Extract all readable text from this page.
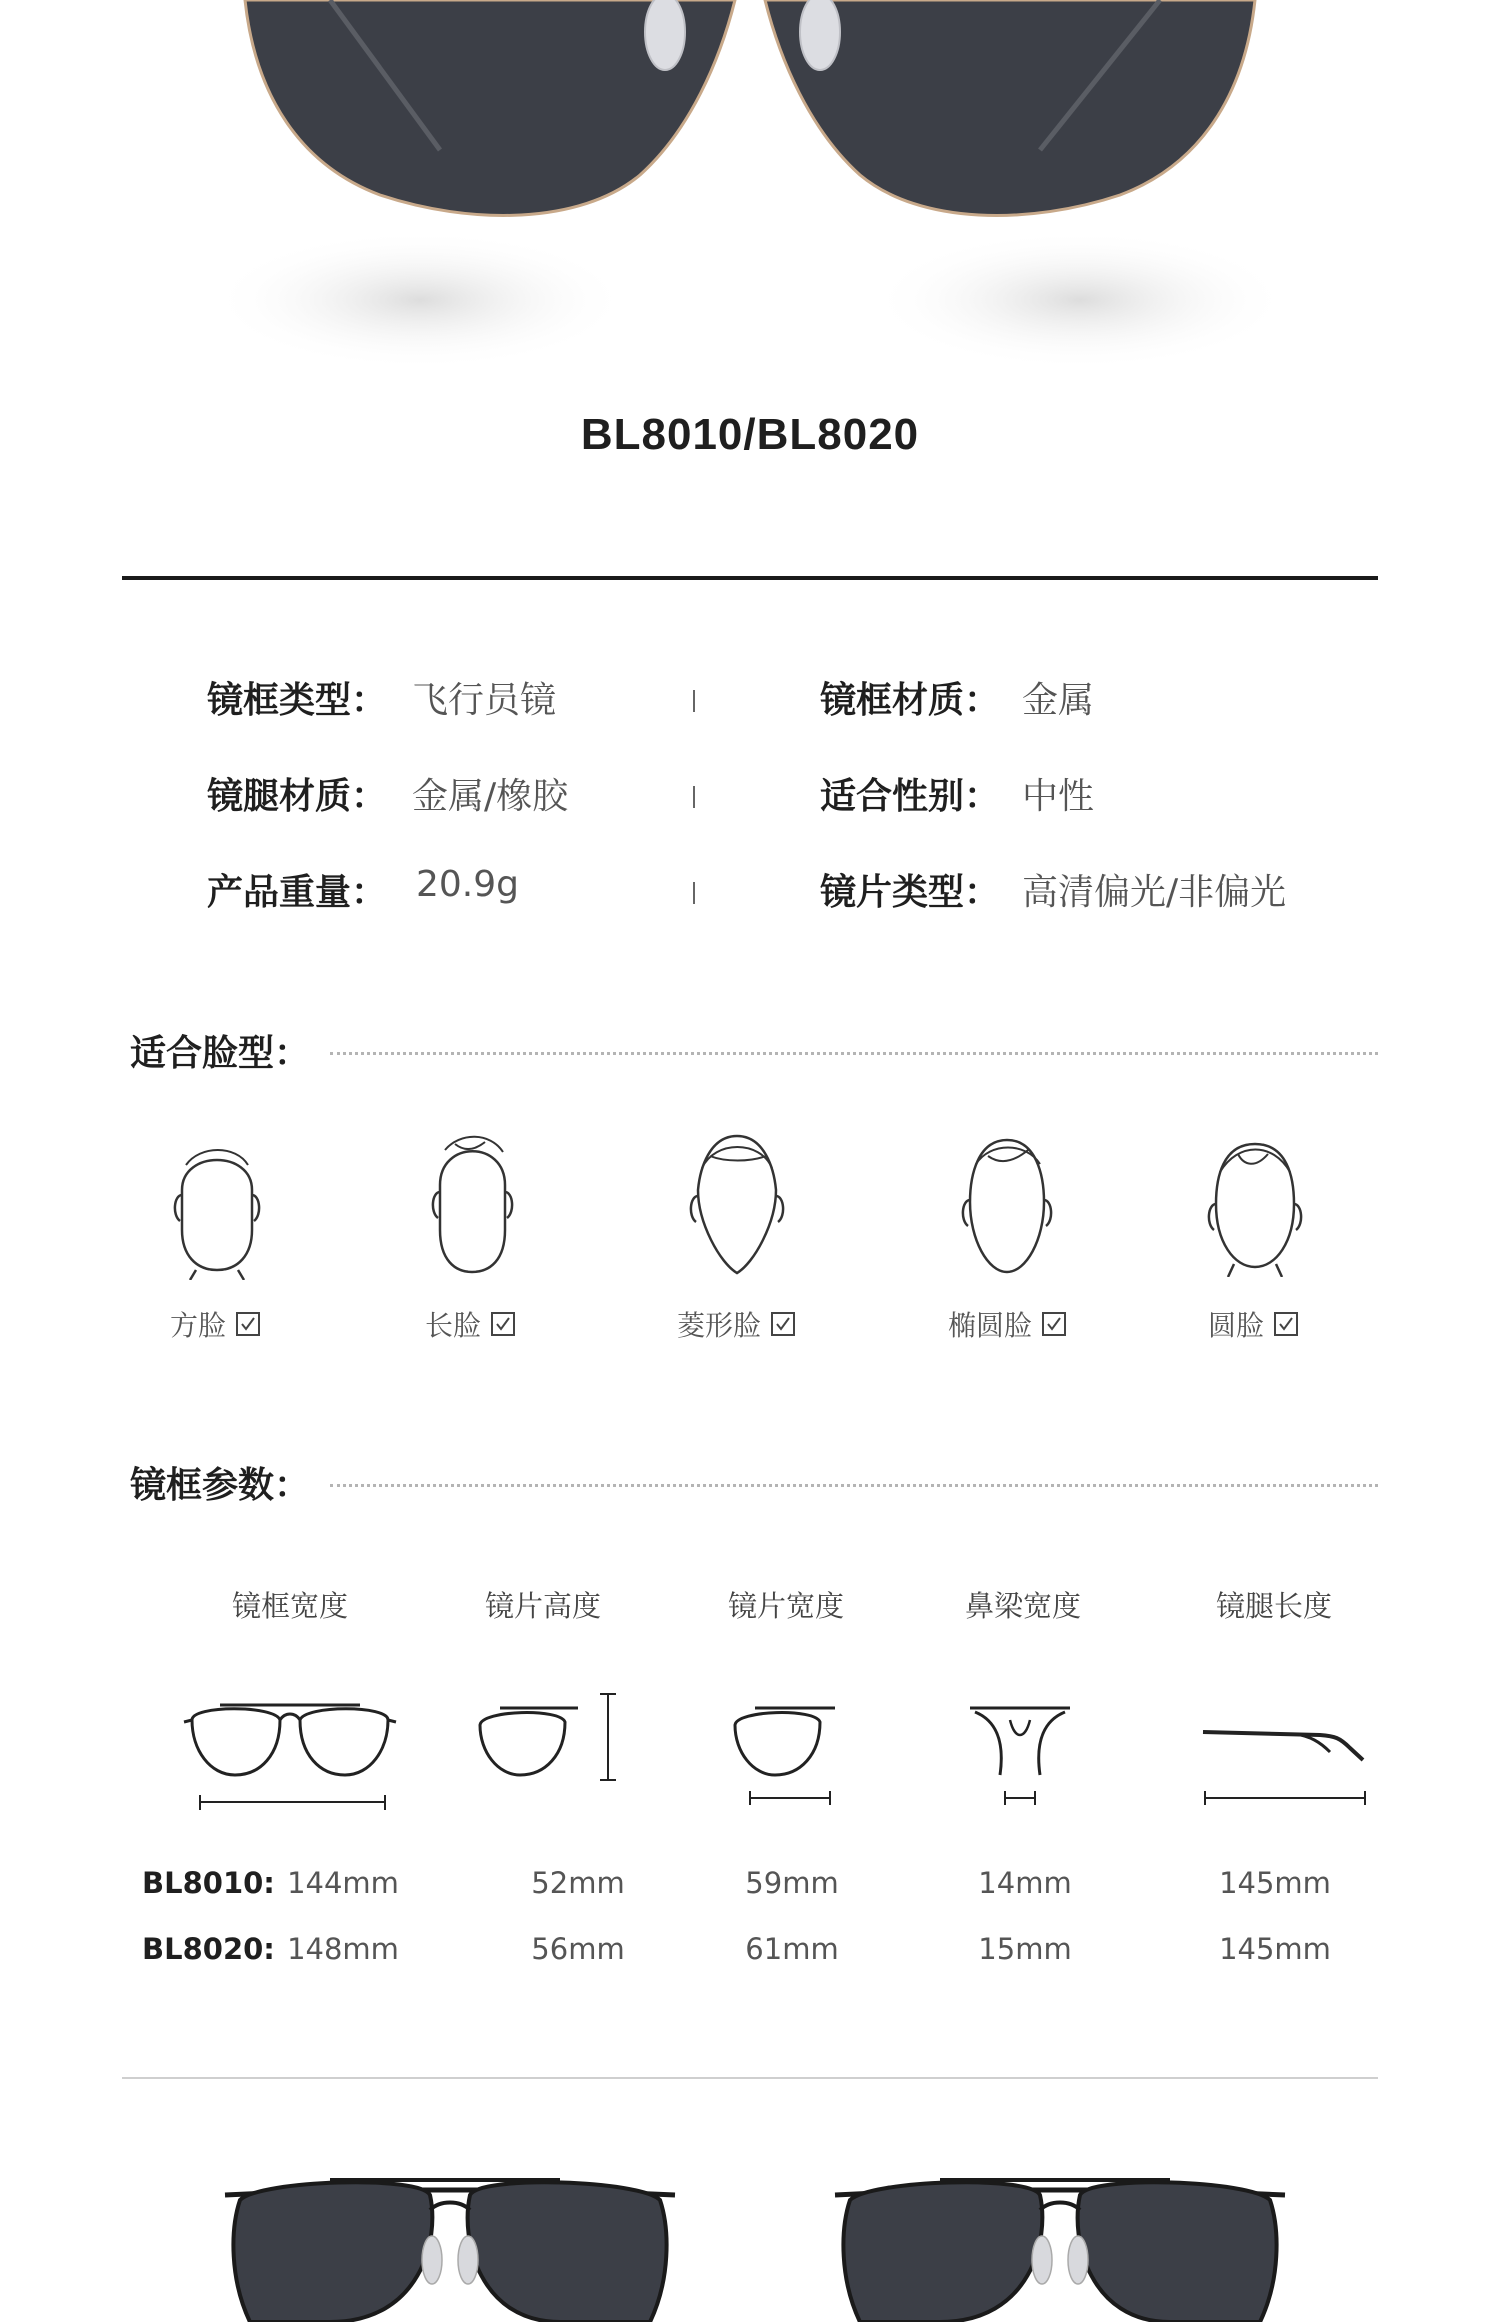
BL8010/BL8020
镜框类型： 飞行员镜	镜框材质： 金属
镜腿材质： 金属/橡胶	适合性别： 中性
产品重量： 20.9g	镜片类型： 高清偏光/非偏光
适合脸型：
方脸	长脸	菱形脸	椭圆脸	圆脸
镜框参数：
镜框宽度	镜片高度	镜片宽度	鼻梁宽度	镜腿长度
BL8010: 144mm	52mm	59mm	14mm	145mm
BL8020: 148mm	56mm	61mm	15mm	145mm
